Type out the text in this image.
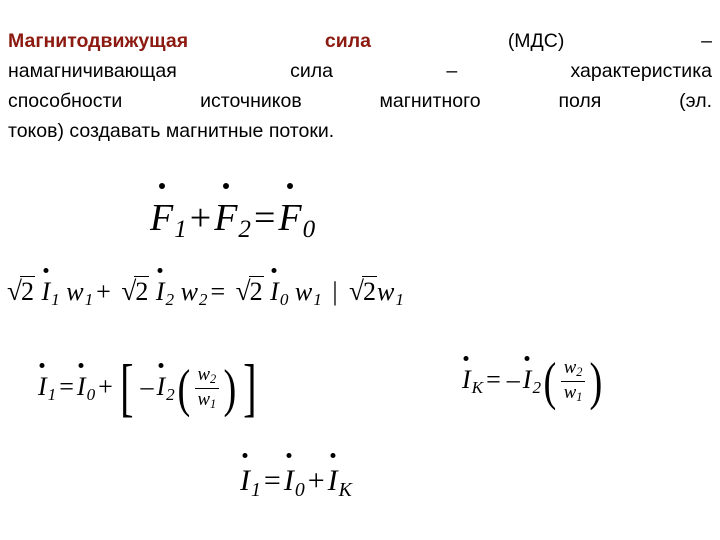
Магнитодвижущая	сила	(МДС)	–
намагничивающая сила – характеристика
способности источников магнитного поля (эл.
токов) создавать магнитные потоки.
$F_1+F_2=F_0$
√2 $I_1$ $w_1 + √2$ $I_2$ $w_2 = √2$ $I_0$ $w_1$ | $√2w_1$
$I_1 = I_0$ + [ – $I_2( \frac{w2}{w1}$ ) ]	$I_K$ = – $I_2( \frac{w2}{w1}$ )
$I_1 = I_0 + I_K$
